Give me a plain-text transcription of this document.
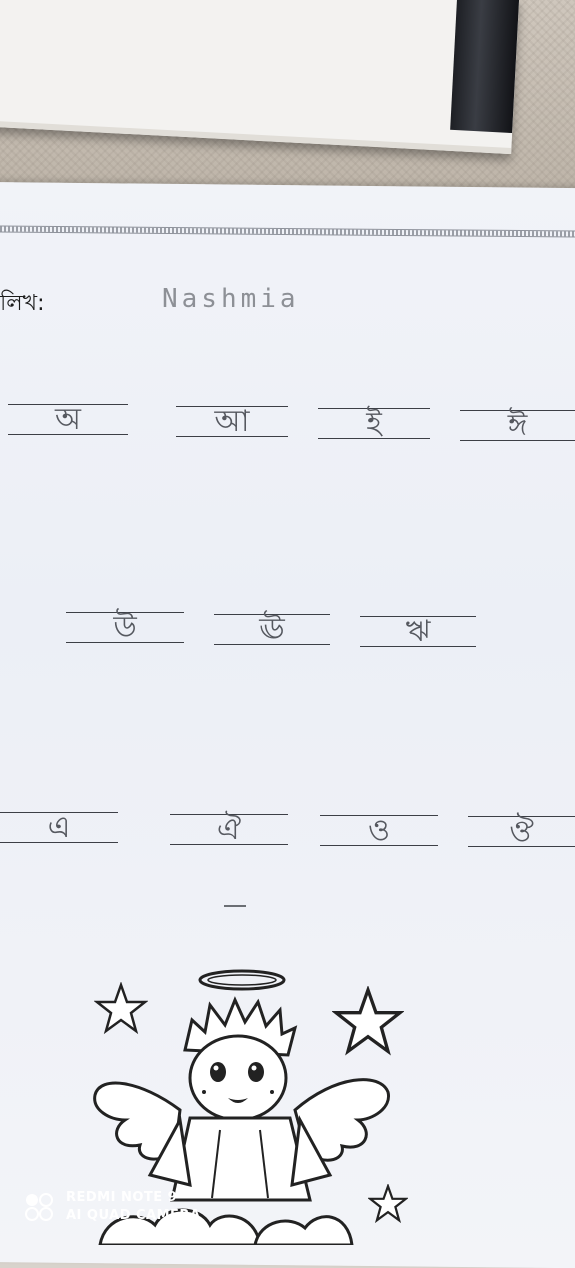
লিখ:	Nashmia
অ	আ	ই	ঈ
উ	ঊ	ঋ
এ	ঐ	ও	ঔ
REDMI NOTE 9
AI QUAD CAMERA
